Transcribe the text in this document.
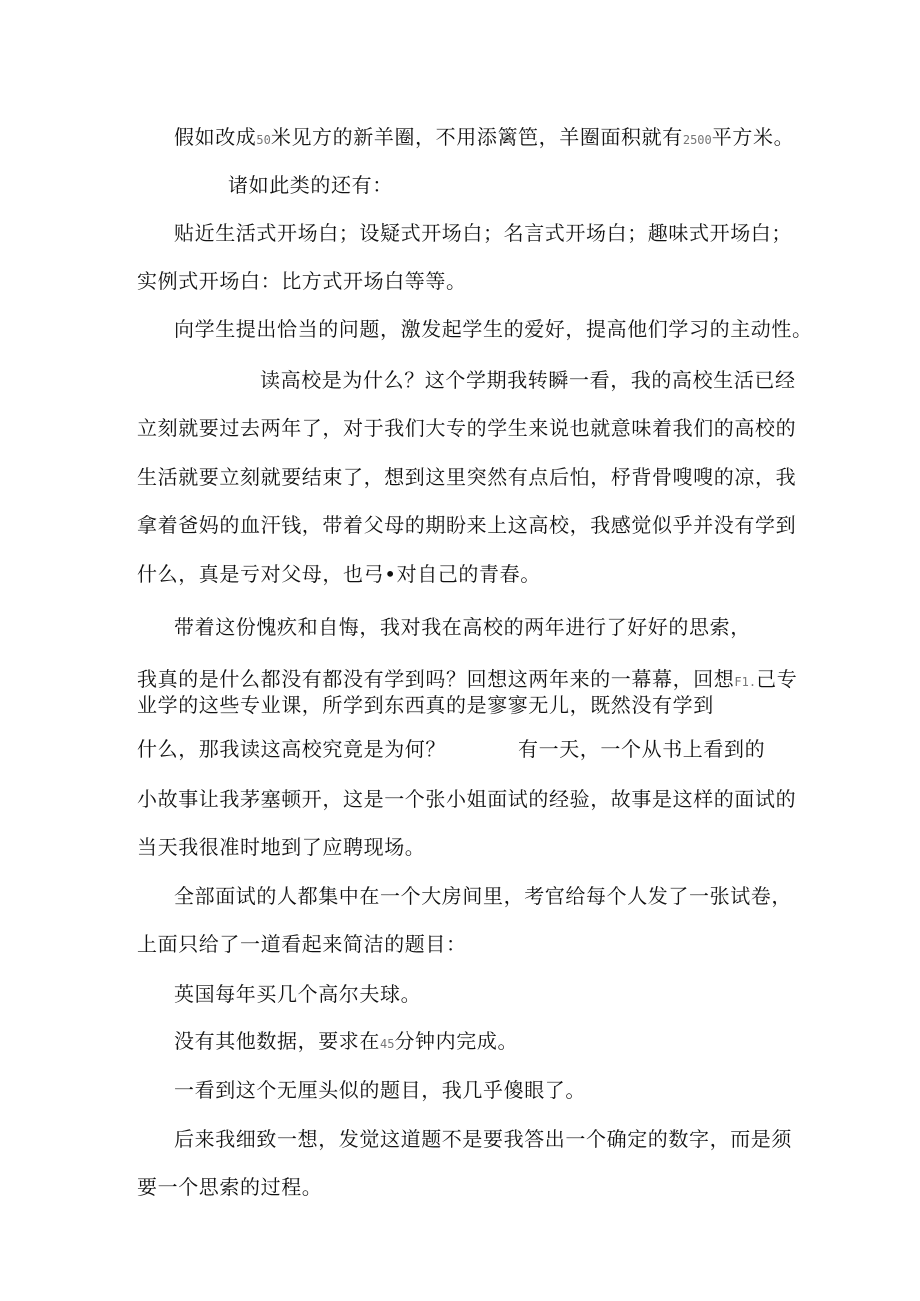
假如改成50米见方的新羊圈，不用添篱笆，羊圈面积就有2500平方米。
诸如此类的还有：
贴近生活式开场白；设疑式开场白；名言式开场白；趣味式开场白；
实例式开场白：比方式开场白等等。
向学生提出恰当的问题，激发起学生的爱好，提高他们学习的主动性。
读高校是为什么？这个学期我转瞬一看，我的高校生活已经
立刻就要过去两年了，对于我们大专的学生来说也就意味着我们的高校的
生活就要立刻就要结束了，想到这里突然有点后怕，杼背骨嗖嗖的凉，我
拿着爸妈的血汗钱，带着父母的期盼来上这高校，我感觉似乎并没有学到
什么，真是亏对父母，也弓•对自己的青春。
带着这份愧疚和自悔，我对我在高校的两年进行了好好的思索，
我真的是什么都没有都没有学到吗？回想这两年来的一幕幕，回想F1.己专
业学的这些专业课，所学到东西真的是寥寥无儿，既然没有学到
什么，那我读这高校究竟是为何？	有一天，一个从书上看到的
小故事让我茅塞顿开，这是一个张小姐面试的经验，故事是这样的面试的
当天我很准时地到了应聘现场。
全部面试的人都集中在一个大房间里，考官给每个人发了一张试卷，
上面只给了一道看起来简洁的题目：
英国每年买几个高尔夫球。
没有其他数据，要求在45分钟内完成。
一看到这个无厘头似的题目，我几乎傻眼了。
后来我细致一想，发觉这道题不是要我答出一个确定的数字，而是须
要一个思索的过程。
